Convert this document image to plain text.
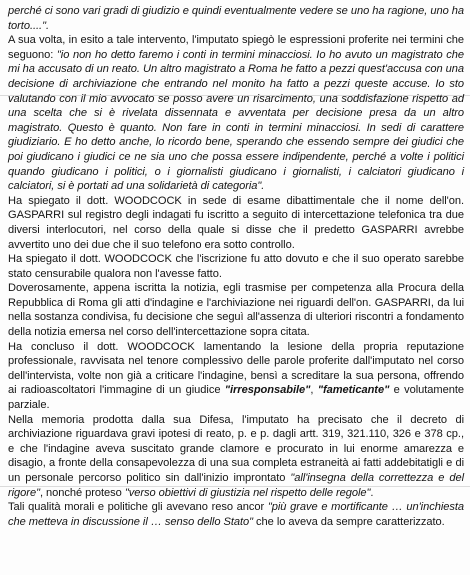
perché ci sono vari gradi di giudizio e quindi eventualmente vedere se uno ha ragione, uno ha torto....".

A sua volta, in esito a tale intervento, l'imputato spiegò le espressioni proferite nei termini che seguono: "io non ho detto faremo i conti in termini minacciosi. Io ho avuto un magistrato che mi ha accusato di un reato. Un altro magistrato a Roma he fatto a pezzi quest'accusa con una decisione di archiviazione che entrando nel monito ha fatto a pezzi queste accuse. Io sto valutando con il mio avvocato se posso avere un risarcimento, una soddisfazione rispetto ad una scelta che si è rivelata dissennata e avventata per decisione presa da un altro magistrato. Questo è quanto. Non fare in conti in termini minacciosi. In sedi di carattere giudiziario. E ho detto anche, lo ricordo bene, sperando che essendo sempre dei giudici che poi giudicano i giudici ce ne sia uno che possa essere indipendente, perché a volte i politici quando giudicano i politici, o i giornalisti giudicano i giornalisti, i calciatori giudicano i calciatori, si è portati ad una solidarietà di categoria".

Ha spiegato il dott. WOODCOCK in sede di esame dibattimentale che il nome dell'on. GASPARRI sul registro degli indagati fu iscritto a seguito di intercettazione telefonica tra due diversi interlocutori, nel corso della quale si disse che il predetto GASPARRI avrebbe avvertito uno dei due che il suo telefono era sotto controllo.

Ha spiegato il dott. WOODCOCK che l'iscrizione fu atto dovuto e che il suo operato sarebbe stato censurabile qualora non l'avesse fatto.

Doverosamente, appena iscritta la notizia, egli trasmise per competenza alla Procura della Repubblica di Roma gli atti d'indagine e l'archiviazione nei riguardi dell'on. GASPARRI, da lui nella sostanza condivisa, fu decisione che seguì all'assenza di ulteriori riscontri a fondamento della notizia emersa nel corso dell'intercettazione sopra citata.

Ha concluso il dott. WOODCOCK lamentando la lesione della propria reputazione professionale, ravvisata nel tenore complessivo delle parole proferite dall'imputato nel corso dell'intervista, volte non già a criticare l'indagine, bensì a screditare la sua persona, offrendo ai radioascoltatori l'immagine di un giudice "irresponsabile", "fameticante" e volutamente parziale.

Nella memoria prodotta dalla sua Difesa, l'imputato ha precisato che il decreto di archiviazione riguardava gravi ipotesi di reato, p. e p. dagli artt. 319, 321.110, 326 e 378 cp., e che l'indagine aveva suscitato grande clamore e procurato in lui enorme amarezza e disagio, a fronte della consapevolezza di una sua completa estraneità ai fatti addebitatigli e di un personale percorso politico sin dall'inizio improntato "all'insegna della correttezza e del rigore", nonché proteso "verso obiettivi di giustizia nel rispetto delle regole".

Tali qualità morali e politiche gli avevano reso ancor "più grave e mortificante … un'inchiesta che metteva in discussione il … senso dello Stato" che lo aveva da sempre caratterizzato.
